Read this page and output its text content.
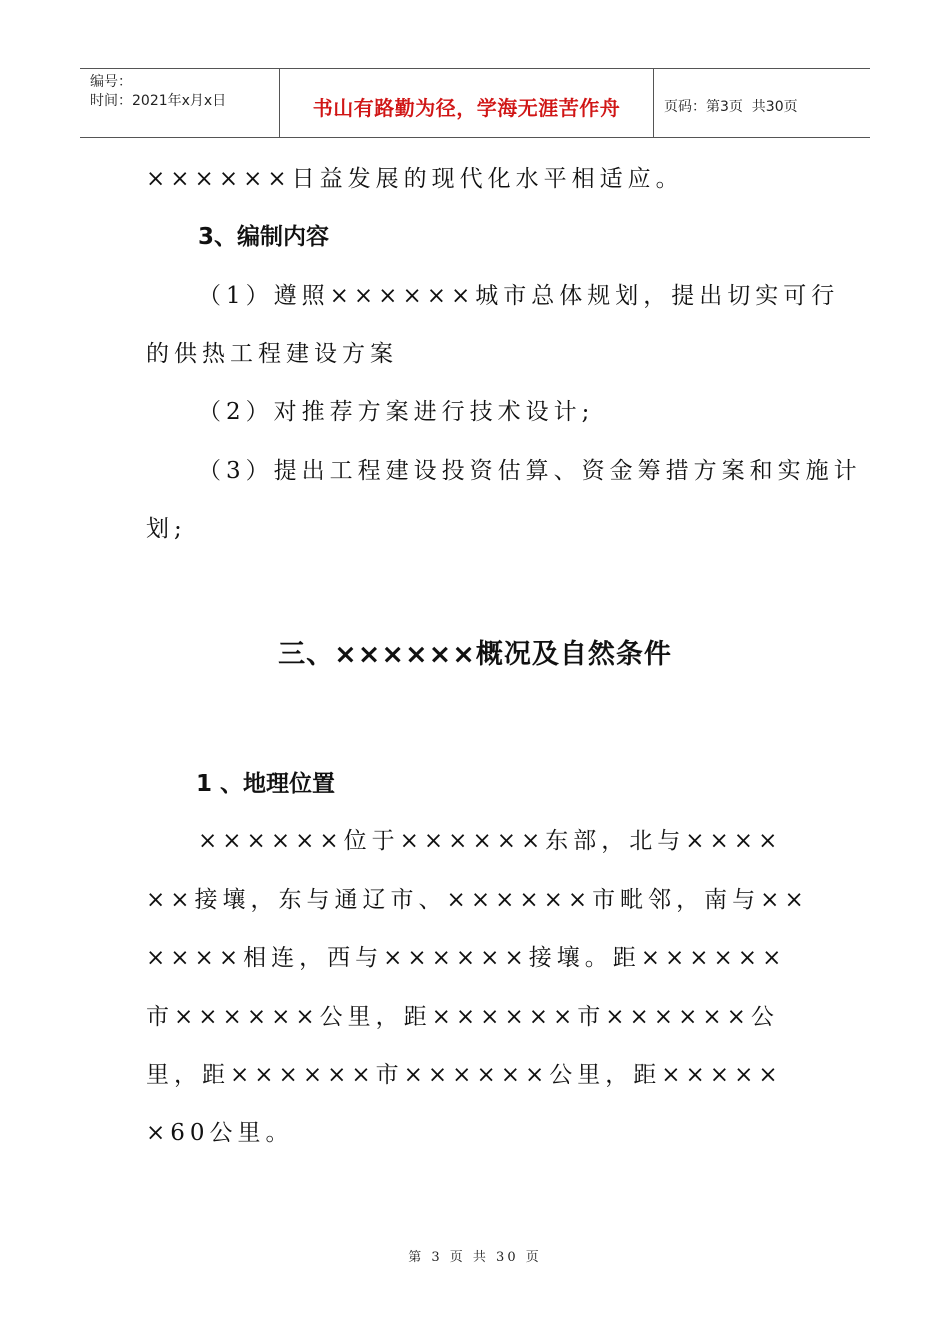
编号：
时间：2021年x月x日	书山有路勤为径，学海无涯苦作舟	页码：第3页  共30页
××××××日益发展的现代化水平相适应。
3、编制内容
（1）遵照××××××城市总体规划，提出切实可行
的供热工程建设方案
（2）对推荐方案进行技术设计;
（3）提出工程建设投资估算、资金筹措方案和实施计
划;
三、××××××概况及自然条件
1 、地理位置
××××××位于××××××东部，北与××××
××接壤，东与通辽市、××××××市毗邻，南与××
××××相连，西与××××××接壤。距××××××
市××××××公里，距××××××市××××××公
里，距××××××市××××××公里，距×××××
×60公里。
第 3 页 共 30 页
